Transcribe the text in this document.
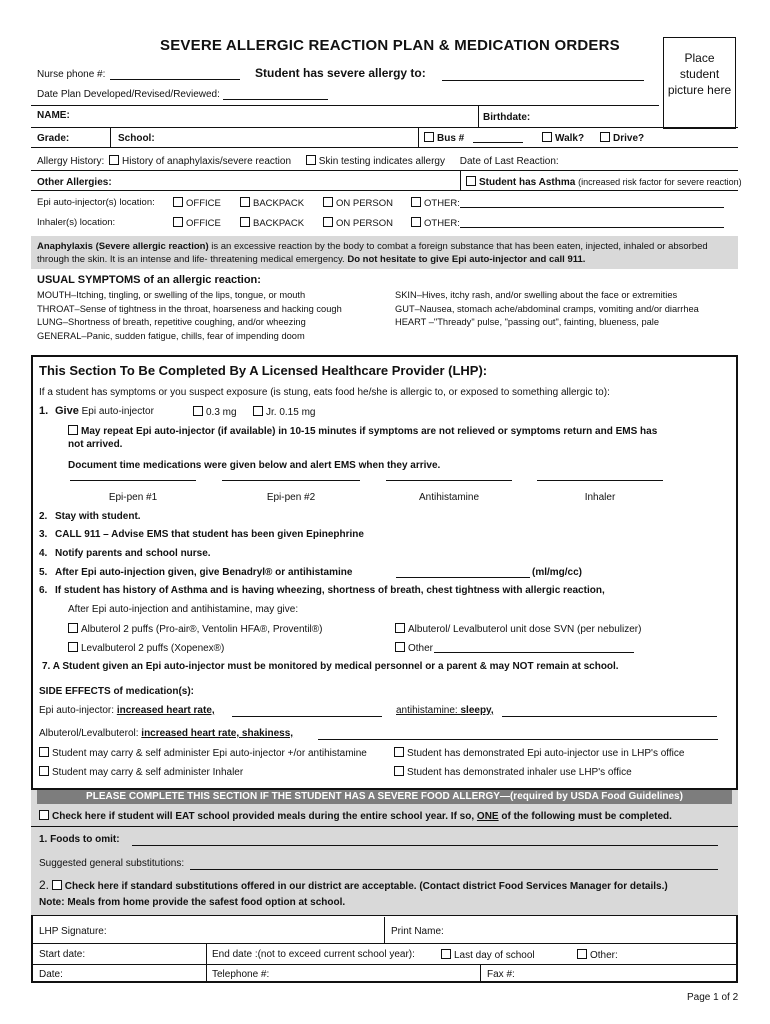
SEVERE ALLERGIC REACTION PLAN & MEDICATION ORDERS
Place student picture here
Nurse phone #:	Student has severe allergy to:
Date Plan Developed/Revised/Reviewed:
NAME:	Birthdate:
Grade:	School:	Bus #	Walk?	Drive?
Allergy History: History of anaphylaxis/severe reaction	Skin testing indicates allergy Date of Last Reaction:
Other Allergies:	Student has Asthma (increased risk factor for severe reaction)
Epi auto-injector(s) location:	OFFICE	BACKPACK	ON PERSON	OTHER:
Inhaler(s) location:	OFFICE	BACKPACK	ON PERSON	OTHER:
Anaphylaxis (Severe allergic reaction) is an excessive reaction by the body to combat a foreign substance that has been eaten, injected, inhaled or absorbed
through the skin. It is an intense and life- threatening medical emergency. Do not hesitate to give Epi auto-injector and call 911.
USUAL SYMPTOMS of an allergic reaction:
MOUTH–Itching, tingling, or swelling of the lips, tongue, or mouth
THROAT–Sense of tightness in the throat, hoarseness and hacking cough
LUNG–Shortness of breath, repetitive coughing, and/or wheezing
GENERAL–Panic, sudden fatigue, chills, fear of impending doom
SKIN–Hives, itchy rash, and/or swelling about the face or extremities
GUT–Nausea, stomach ache/abdominal cramps, vomiting and/or diarrhea
HEART –"Thready" pulse, "passing out", fainting, blueness, pale
This Section To Be Completed By A Licensed Healthcare Provider (LHP):
If a student has symptoms or you suspect exposure (is stung, eats food he/she is allergic to, or exposed to something allergic to):
1. Give Epi auto-injector	0.3 mg	Jr. 0.15 mg
May repeat Epi auto-injector (if available) in 10-15 minutes if symptoms are not relieved or symptoms return and EMS has
not arrived.
Document time medications were given below and alert EMS when they arrive.
Epi-pen #1	Epi-pen #2	Antihistamine	Inhaler
2. Stay with student.
3. CALL 911 – Advise EMS that student has been given Epinephrine
4. Notify parents and school nurse.
5. After Epi auto-injection given, give Benadryl® or antihistamine	(ml/mg/cc)
6. If student has history of Asthma and is having wheezing, shortness of breath, chest tightness with allergic reaction,
After Epi auto-injection and antihistamine, may give:
Albuterol 2 puffs (Pro-air®, Ventolin HFA®, Proventil®)	Albuterol/ Levalbuterol unit dose SVN (per nebulizer)
Levalbuterol 2 puffs (Xopenex®)	Other
7. A Student given an Epi auto-injector must be monitored by medical personnel or a parent & may NOT remain at school.
SIDE EFFECTS of medication(s):
Epi auto-injector: increased heart rate,	antihistamine: sleepy,
Albuterol/Levalbuterol: increased heart rate, shakiness,
Student may carry & self administer Epi auto-injector +/or antihistamine	Student has demonstrated Epi auto-injector use in LHP's office
Student may carry & self administer Inhaler	Student has demonstrated inhaler use LHP's office
PLEASE COMPLETE THIS SECTION IF THE STUDENT HAS A SEVERE FOOD ALLERGY—(required by USDA Food Guidelines)
Check here if student will EAT school provided meals during the entire school year. If so, ONE of the following must be completed.
1. Foods to omit:
Suggested general substitutions:
2. Check here if standard substitutions offered in our district are acceptable. (Contact district Food Services Manager for details.)
Note: Meals from home provide the safest food option at school.
LHP Signature:	Print Name:
Start date:	End date :(not to exceed current school year):	Last day of school	Other:
Date:	Telephone #:	Fax #:
Page 1 of 2
